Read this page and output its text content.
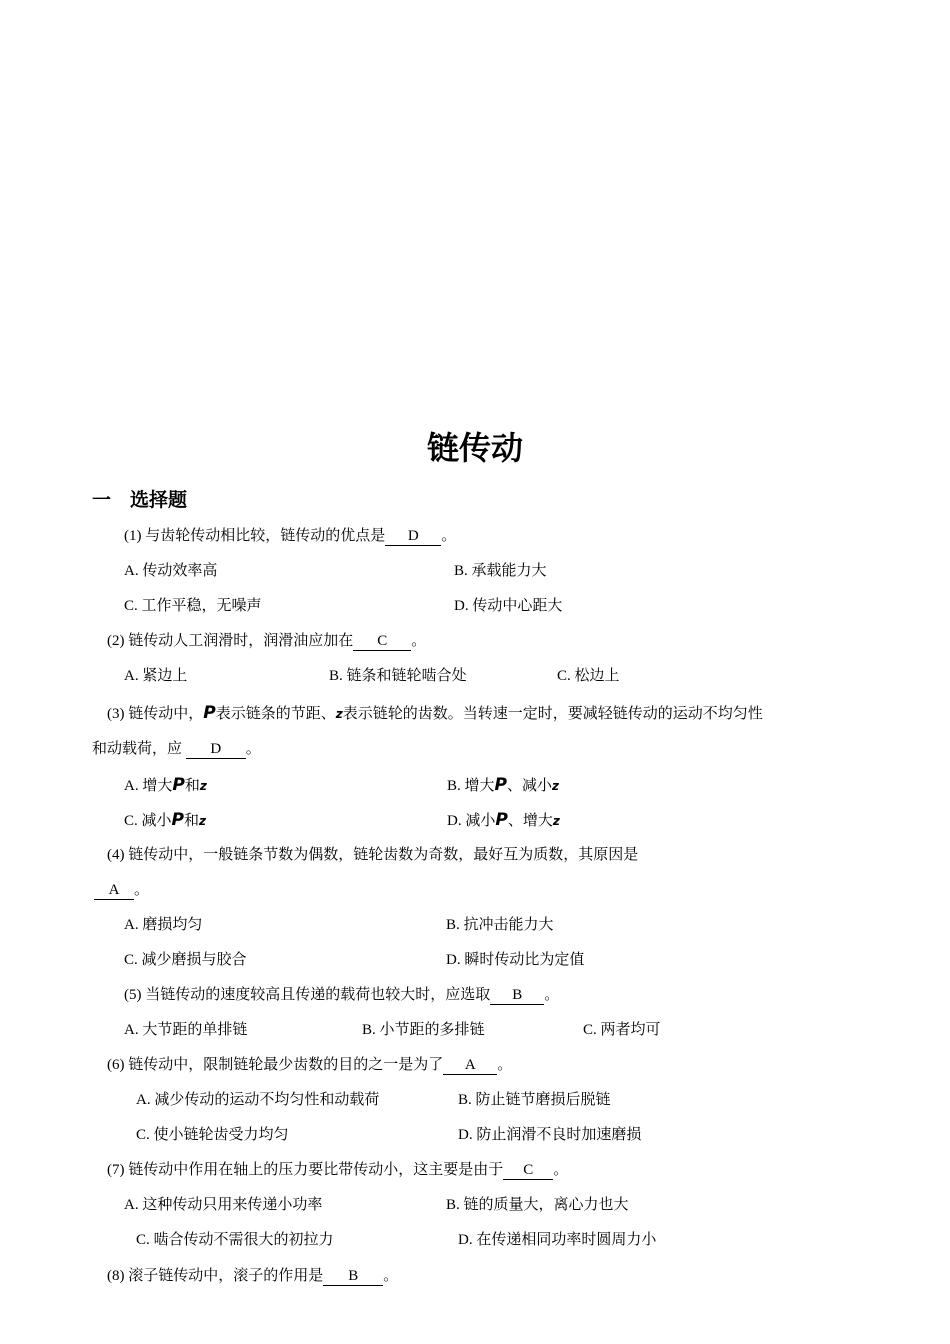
链传动
一　选择题
(1) 与齿轮传动相比较，链传动的优点是 D 。
A. 传动效率高	B. 承载能力大
C. 工作平稳，无噪声	D. 传动中心距大
(2) 链传动人工润滑时，润滑油应加在 C 。
A. 紧边上	B. 链条和链轮啮合处	C. 松边上
(3) 链传动中，P表示链条的节距、z表示链轮的齿数。当转速一定时，要减轻链传动的运动不均匀性
和动载荷，应 D 。
A. 增大P和z	B. 增大P、减小z
C. 减小P和z	D. 减小P、增大z
(4) 链传动中，一般链条节数为偶数，链轮齿数为奇数，最好互为质数，其原因是
A 。
A. 磨损均匀	B. 抗冲击能力大
C. 减少磨损与胶合	D. 瞬时传动比为定值
(5) 当链传动的速度较高且传递的载荷也较大时，应选取 B 。
A. 大节距的单排链	B. 小节距的多排链	C. 两者均可
(6) 链传动中，限制链轮最少齿数的目的之一是为了 A 。
A. 减少传动的运动不均匀性和动载荷	B. 防止链节磨损后脱链
C. 使小链轮齿受力均匀	D. 防止润滑不良时加速磨损
(7) 链传动中作用在轴上的压力要比带传动小，这主要是由于 C 。
A. 这种传动只用来传递小功率	B. 链的质量大，离心力也大
C. 啮合传动不需很大的初拉力	D. 在传递相同功率时圆周力小
(8) 滚子链传动中，滚子的作用是 B 。
